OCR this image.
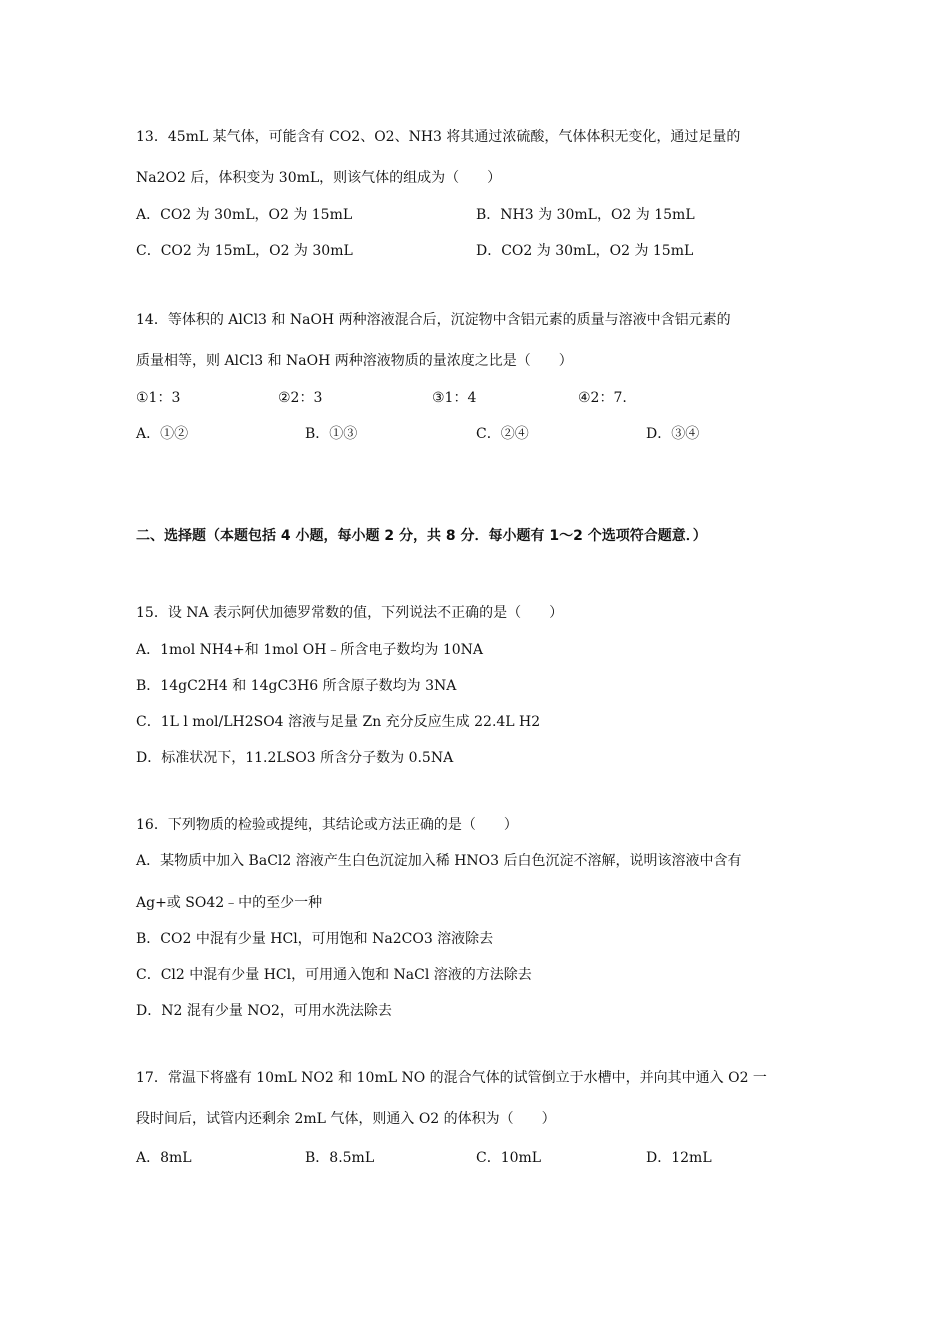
13．45mL 某气体，可能含有 CO2、O2、NH3 将其通过浓硫酸，气体体积无变化，通过足量的
Na2O2 后，体积变为 30mL，则该气体的组成为（　　）
A．CO2 为 30mL，O2 为 15mL	B．NH3 为 30mL，O2 为 15mL
C．CO2 为 15mL，O2 为 30mL	D．CO2 为 30mL，O2 为 15mL
14．等体积的 AlCl3 和 NaOH 两种溶液混合后，沉淀物中含铝元素的质量与溶液中含铝元素的
质量相等，则 AlCl3 和 NaOH 两种溶液物质的量浓度之比是（　　）
①1：3	②2：3	③1：4	④2：7.
A．①②	B．①③	C．②④	D．③④
二、选择题（本题包括 4 小题，每小题 2 分，共 8 分．每小题有 1～2 个选项符合题意．）
15．设 NA 表示阿伏加德罗常数的值，下列说法不正确的是（　　）
A．1mol NH4+和 1mol OH﹣所含电子数均为 10NA
B．14gC2H4 和 14gC3H6 所含原子数均为 3NA
C．1L l mol/LH2SO4 溶液与足量 Zn 充分反应生成 22.4L H2
D．标准状况下，11.2LSO3 所含分子数为 0.5NA
16．下列物质的检验或提纯，其结论或方法正确的是（　　）
A．某物质中加入 BaCl2 溶液产生白色沉淀加入稀 HNO3 后白色沉淀不溶解，说明该溶液中含有
Ag+或 SO42﹣中的至少一种
B．CO2 中混有少量 HCl，可用饱和 Na2CO3 溶液除去
C．Cl2 中混有少量 HCl，可用通入饱和 NaCl 溶液的方法除去
D．N2 混有少量 NO2，可用水洗法除去
17．常温下将盛有 10mL NO2 和 10mL NO 的混合气体的试管倒立于水槽中，并向其中通入 O2 一
段时间后，试管内还剩余 2mL 气体，则通入 O2 的体积为（　　）
A．8mL	B．8.5mL	C．10mL	D．12mL
